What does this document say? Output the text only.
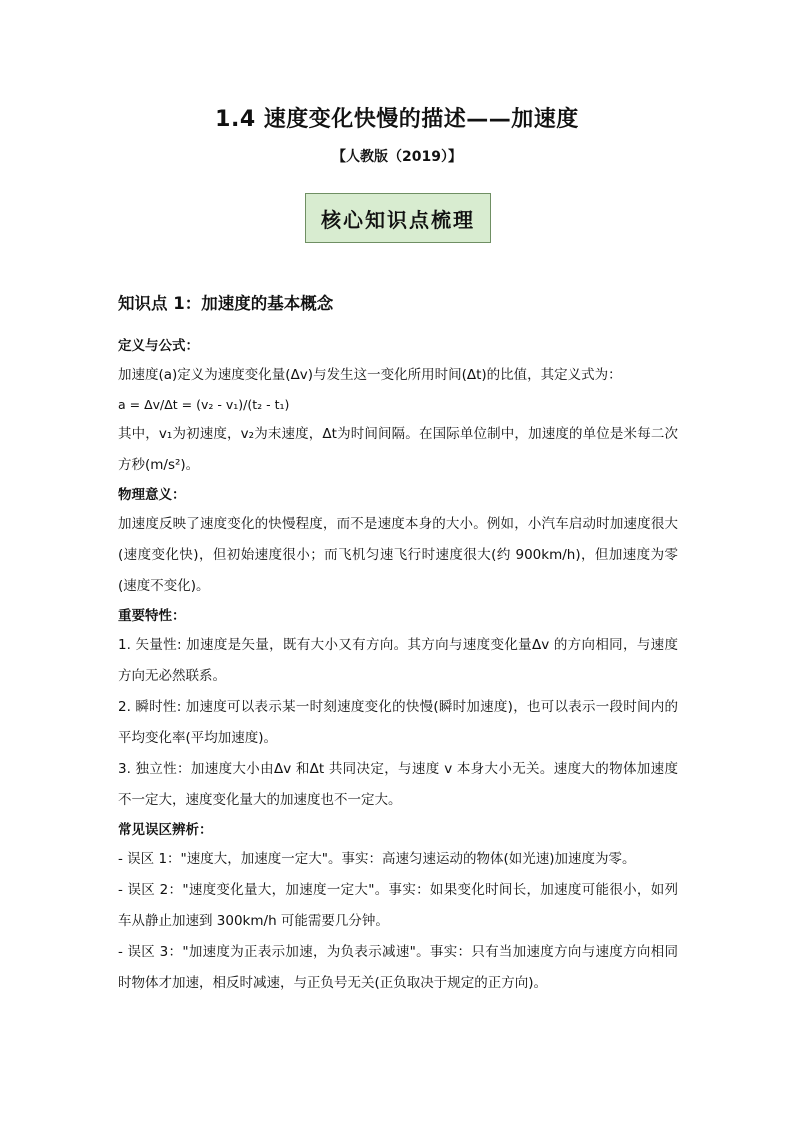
1.4 速度变化快慢的描述——加速度
【人教版（2019）】
核心知识点梳理

知识点 1：加速度的基本概念

定义与公式：

加速度(a)定义为速度变化量(Δv)与发生这一变化所用时间(Δt)的比值，其定义式为：

a = Δv/Δt = (v₂ - v₁)/(t₂ - t₁)

其中，v₁为初速度，v₂为末速度，Δt为时间间隔。在国际单位制中，加速度的单位是米每二次方秒(m/s²)。

物理意义：

加速度反映了速度变化的快慢程度，而不是速度本身的大小。例如，小汽车启动时加速度很大(速度变化快)，但初始速度很小；而飞机匀速飞行时速度很大(约 900km/h)，但加速度为零(速度不变化)。

重要特性：

1. 矢量性: 加速度是矢量，既有大小又有方向。其方向与速度变化量Δv 的方向相同，与速度方向无必然联系。

2. 瞬时性: 加速度可以表示某一时刻速度变化的快慢(瞬时加速度)，也可以表示一段时间内的平均变化率(平均加速度)。

3. 独立性：加速度大小由Δv 和Δt 共同决定，与速度 v 本身大小无关。速度大的物体加速度不一定大，速度变化量大的加速度也不一定大。

常见误区辨析：

- 误区 1："速度大，加速度一定大"。事实：高速匀速运动的物体(如光速)加速度为零。

- 误区 2："速度变化量大，加速度一定大"。事实：如果变化时间长，加速度可能很小，如列车从静止加速到 300km/h 可能需要几分钟。

- 误区 3："加速度为正表示加速，为负表示减速"。事实：只有当加速度方向与速度方向相同时物体才加速，相反时减速，与正负号无关(正负取决于规定的正方向)。
